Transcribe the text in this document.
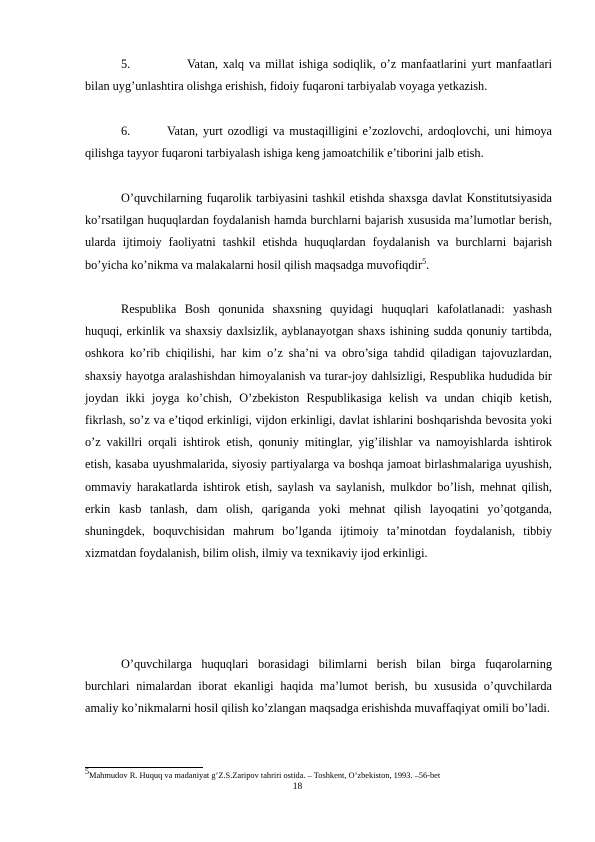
5.	Vatan, xalq va millat ishiga sodiqlik, o’z manfaatlarini yurt manfaatlari bilan uyg’unlashtira olishga erishish, fidoiy fuqaroni tarbiyalab voyaga yetkazish.

6.	Vatan, yurt ozodligi va mustaqilligini e’zozlovchi, ardoqlovchi, uni himoya qilishga tayyor fuqaroni tarbiyalash ishiga keng jamoatchilik e’tiborini jalb etish.

O’quvchilarning fuqarolik tarbiyasini tashkil etishda shaxsga davlat Konstitutsiyasida ko’rsatilgan huquqlardan foydalanish hamda burchlarni bajarish xususida ma’lumotlar berish, ularda ijtimoiy faoliyatni tashkil etishda huquqlardan foydalanish va burchlarni bajarish bo’yicha ko’nikma va malakalarni hosil qilish maqsadga muvofiqdir$^5$.

Respublika Bosh qonunida shaxsning quyidagi huquqlari kafolatlanadi: yashash huquqi, erkinlik va shaxsiy daxlsizlik, ayblanayotgan shaxs ishining sudda qonuniy tartibda, oshkora ko’rib chiqilishi, har kim o’z sha’ni va obro’siga tahdid qiladigan tajovuzlardan, shaxsiy hayotga aralashishdan himoyalanish va turar-joy dahlsizligi, Respublika hududida bir joydan ikki joyga ko’chish, O’zbekiston Respublikasiga kelish va undan chiqib ketish, fikrlash, so’z va e’tiqod erkinligi, vijdon erkinligi, davlat ishlarini boshqarishda bevosita yoki o’z vakillri orqali ishtirok etish, qonuniy mitinglar, yig’ilishlar va namoyishlarda ishtirok etish, kasaba uyushmalarida, siyosiy partiyalarga va boshqa jamoat birlashmalariga uyushish, ommaviy harakatlarda ishtirok etish, saylash va saylanish, mulkdor bo’lish, mehnat qilish, erkin kasb tanlash, dam olish, qariganda yoki mehnat qilish layoqatini yo’qotganda, shuningdek, boquvchisidan mahrum bo’lganda ijtimoiy ta’minotdan foydalanish, tibbiy xizmatdan foydalanish, bilim olish, ilmiy va texnikaviy ijod erkinligi.

O’quvchilarga huquqlari borasidagi bilimlarni berish bilan birga fuqarolarning burchlari nimalardan iborat ekanligi haqida ma’lumot berish, bu xususida o’quvchilarda amaliy ko’nikmalarni hosil qilish ko’zlangan maqsadga erishishda muvaffaqiyat omili bo’ladi.

$^5$Mahmudov R. Huquq va madaniyat g’Z.S.Zaripov tahriri ostida. – Toshkent, O’zbekiston, 1993. –56-bet
18
